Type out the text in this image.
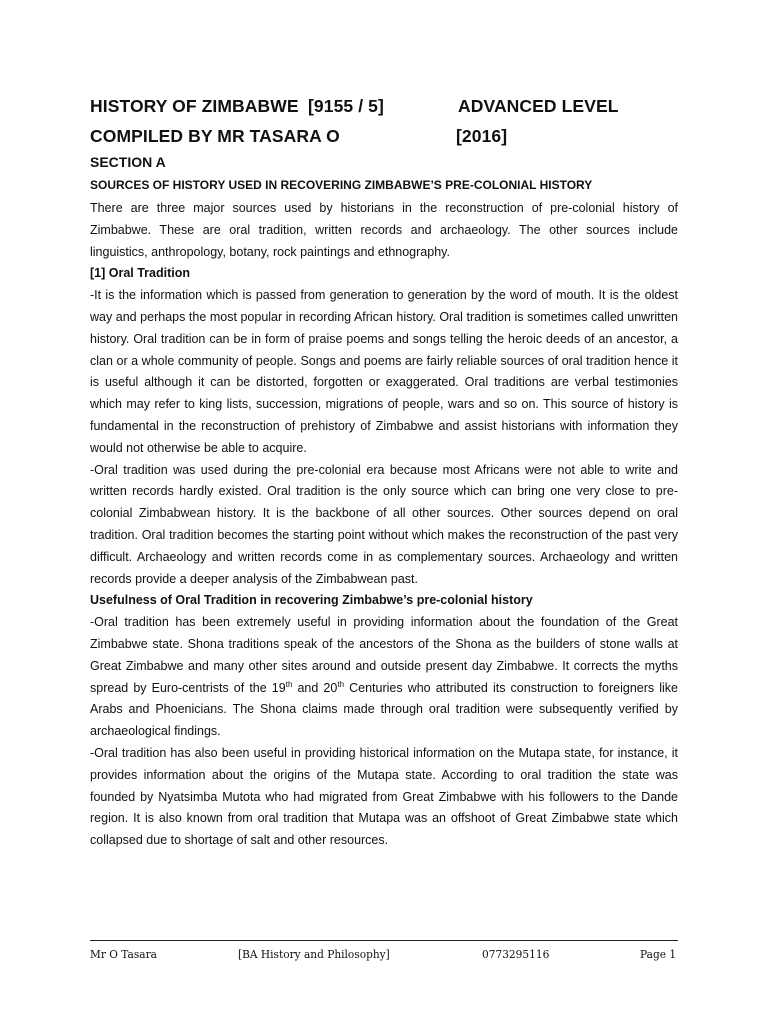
HISTORY OF ZIMBABWE [9155 / 5]	ADVANCED LEVEL
COMPILED BY MR TASARA O	[2016]
SECTION A
SOURCES OF HISTORY USED IN RECOVERING ZIMBABWE’S PRE-COLONIAL HISTORY

There are three major sources used by historians in the reconstruction of pre-colonial history of Zimbabwe. These are oral tradition, written records and archaeology. The other sources include linguistics, anthropology, botany, rock paintings and ethnography.

[1] Oral Tradition

-It is the information which is passed from generation to generation by the word of mouth. It is the oldest way and perhaps the most popular in recording African history. Oral tradition is sometimes called unwritten history. Oral tradition can be in form of praise poems and songs telling the heroic deeds of an ancestor, a clan or a whole community of people. Songs and poems are fairly reliable sources of oral tradition hence it is useful although it can be distorted, forgotten or exaggerated. Oral traditions are verbal testimonies which may refer to king lists, succession, migrations of people, wars and so on. This source of history is fundamental in the reconstruction of prehistory of Zimbabwe and assist historians with information they would not otherwise be able to acquire.

-Oral tradition was used during the pre-colonial era because most Africans were not able to write and written records hardly existed. Oral tradition is the only source which can bring one very close to pre-colonial Zimbabwean history. It is the backbone of all other sources. Other sources depend on oral tradition. Oral tradition becomes the starting point without which makes the reconstruction of the past very difficult. Archaeology and written records come in as complementary sources. Archaeology and written records provide a deeper analysis of the Zimbabwean past.

Usefulness of Oral Tradition in recovering Zimbabwe’s pre-colonial history

-Oral tradition has been extremely useful in providing information about the foundation of the Great Zimbabwe state. Shona traditions speak of the ancestors of the Shona as the builders of stone walls at Great Zimbabwe and many other sites around and outside present day Zimbabwe. It corrects the myths spread by Euro-centrists of the 19th and 20th Centuries who attributed its construction to foreigners like Arabs and Phoenicians. The Shona claims made through oral tradition were subsequently verified by archaeological findings.

-Oral tradition has also been useful in providing historical information on the Mutapa state, for instance, it provides information about the origins of the Mutapa state. According to oral tradition the state was founded by Nyatsimba Mutota who had migrated from Great Zimbabwe with his followers to the Dande region. It is also known from oral tradition that Mutapa was an offshoot of Great Zimbabwe state which collapsed due to shortage of salt and other resources.

Mr O Tasara	[BA History and Philosophy]	0773295116	Page 1
